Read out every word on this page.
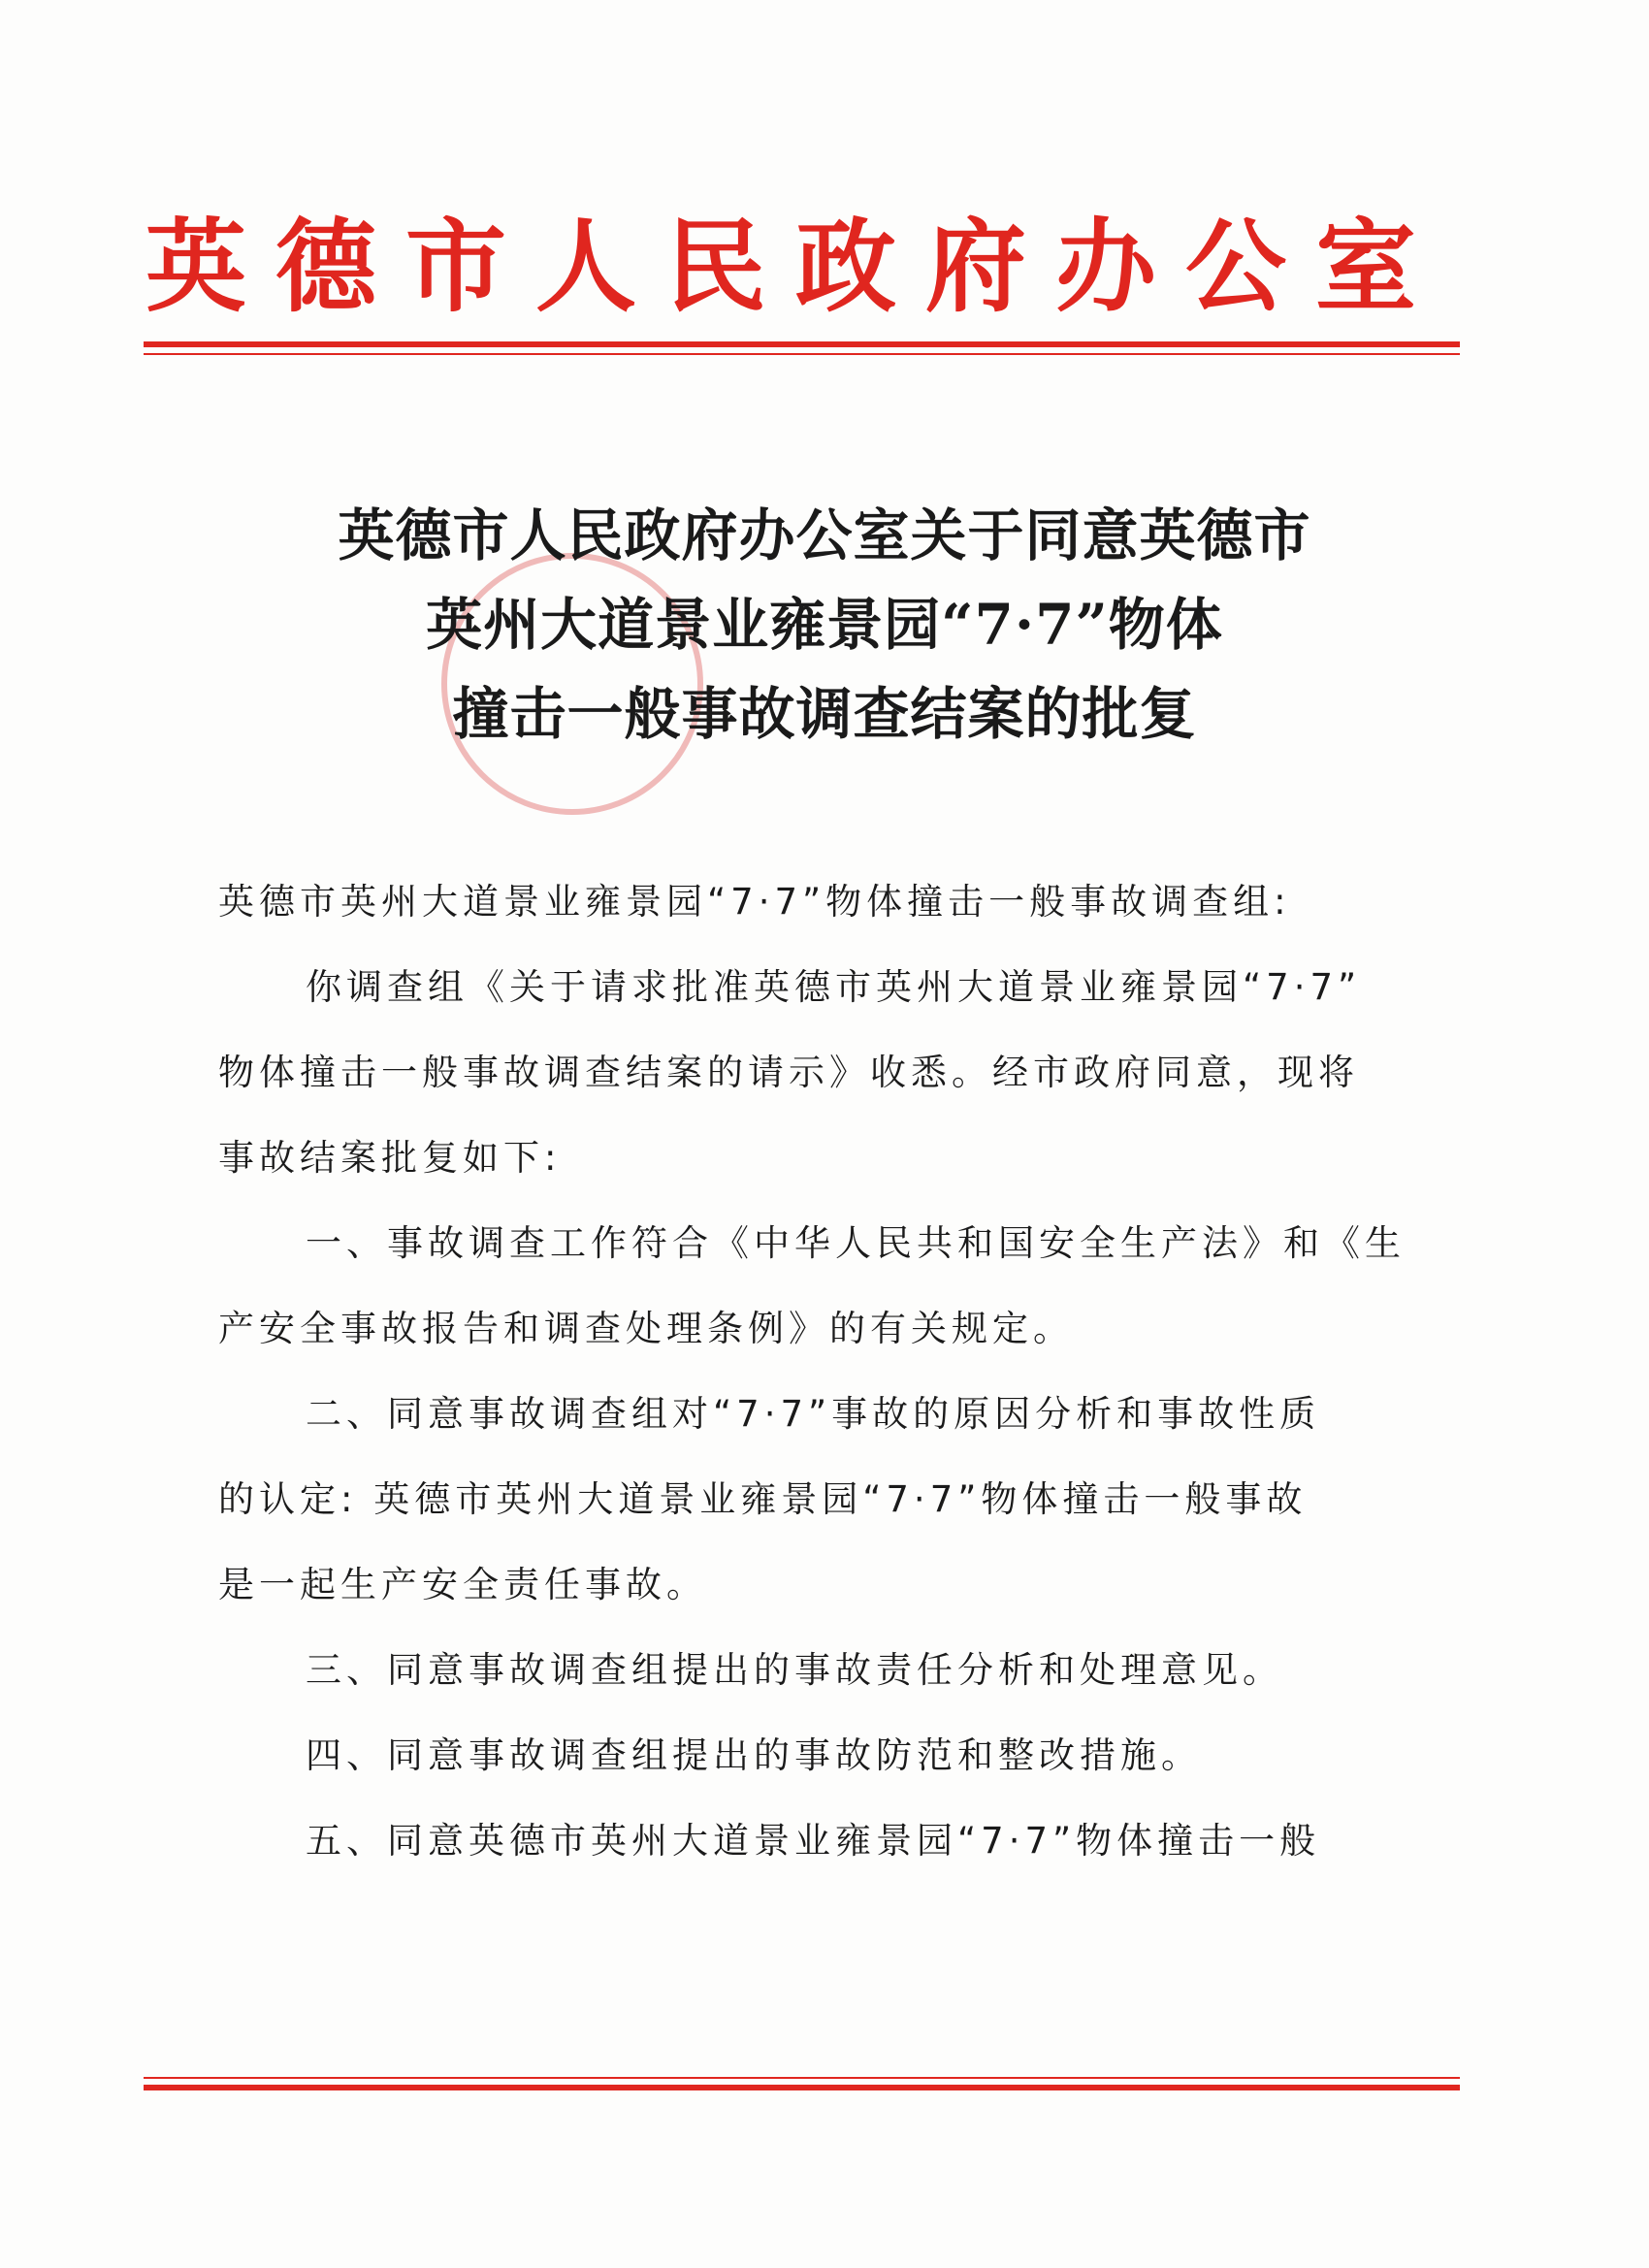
英德市人民政府办公室
英德市人民政府办公室关于同意英德市
英州大道景业雍景园“7·7”物体
撞击一般事故调查结案的批复
英德市英州大道景业雍景园“7·7”物体撞击一般事故调查组:
你调查组《关于请求批准英德市英州大道景业雍景园“7·7”
物体撞击一般事故调查结案的请示》收悉。经市政府同意，现将
事故结案批复如下:
一、事故调查工作符合《中华人民共和国安全生产法》和《生
产安全事故报告和调查处理条例》的有关规定。
二、同意事故调查组对“7·7”事故的原因分析和事故性质
的认定: 英德市英州大道景业雍景园“7·7”物体撞击一般事故
是一起生产安全责任事故。
三、同意事故调查组提出的事故责任分析和处理意见。
四、同意事故调查组提出的事故防范和整改措施。
五、同意英德市英州大道景业雍景园“7·7”物体撞击一般
